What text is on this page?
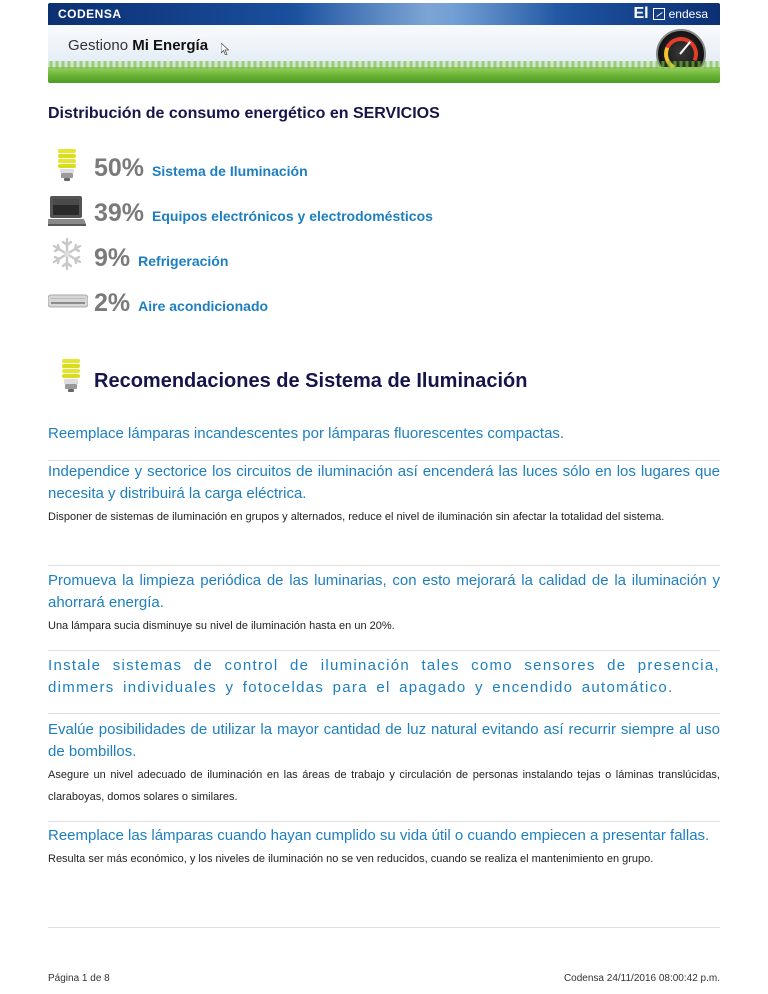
CODENSA	El endesa
Gestiono Mi Energía
Distribución de consumo energético en SERVICIOS
50% Sistema de Iluminación
39% Equipos electrónicos y electrodomésticos
9% Refrigeración
2% Aire acondicionado
Recomendaciones de Sistema de Iluminación
Reemplace lámparas incandescentes por lámparas fluorescentes compactas.
Independice y sectorice los circuitos de iluminación así encenderá las luces sólo en los lugares que necesita y distribuirá la carga eléctrica.
Disponer de sistemas de iluminación en grupos y alternados, reduce el nivel de iluminación sin afectar la totalidad del sistema.
Promueva la limpieza periódica de las luminarias, con esto mejorará la calidad de la iluminación y ahorrará energía.
Una lámpara sucia disminuye su nivel de iluminación hasta en un 20%.
Instale sistemas de control de iluminación tales como sensores de presencia, dimmers individuales y fotoceldas para el apagado y encendido automático.
Evalúe posibilidades de utilizar la mayor cantidad de luz natural evitando así recurrir siempre al uso de bombillos.
Asegure un nivel adecuado de iluminación en las áreas de trabajo y circulación de personas instalando tejas o láminas translúcidas, claraboyas, domos solares o similares.
Reemplace las lámparas cuando hayan cumplido su vida útil o cuando empiecen a presentar fallas.
Resulta ser más económico, y los niveles de iluminación no se ven reducidos, cuando se realiza el mantenimiento en grupo.
Página 1 de 8	Codensa 24/11/2016 08:00:42 p.m.
